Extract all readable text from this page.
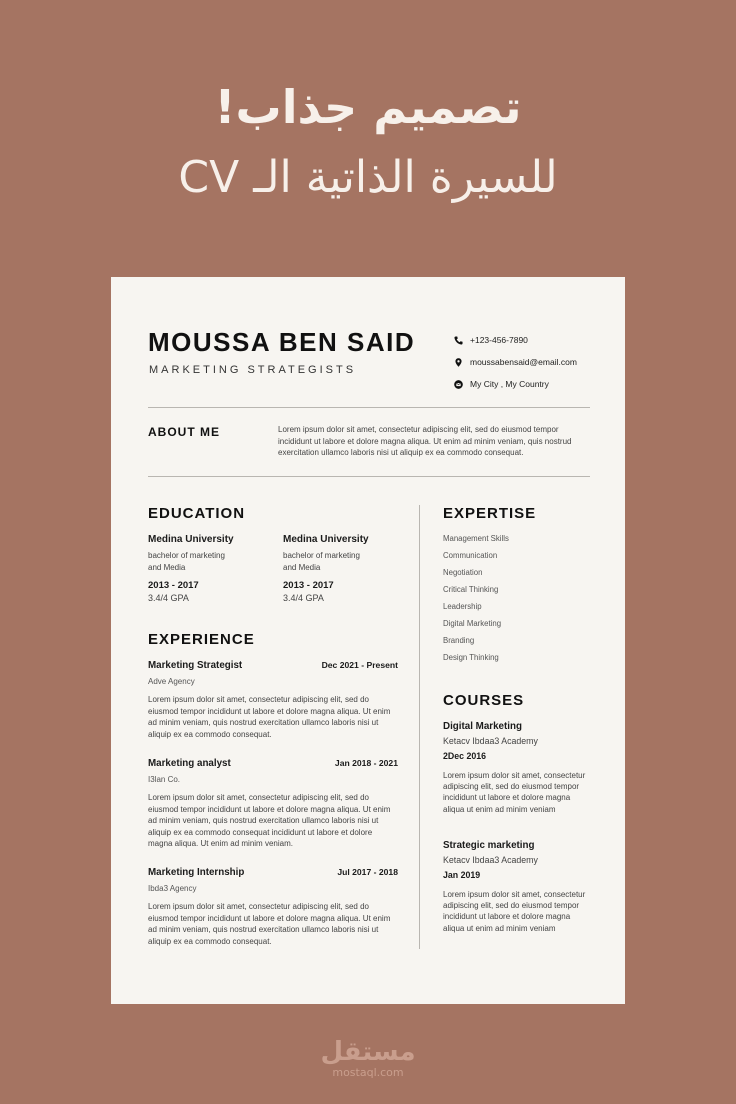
تصميم جذاب!
للسيرة الذاتية الـ CV
MOUSSA BEN SAID
MARKETING STRATEGISTS
+123-456-7890
moussabensaid@email.com
My City , My Country
ABOUT ME	Lorem ipsum dolor sit amet, consectetur adipiscing elit, sed do eiusmod tempor incididunt ut labore et dolore magna aliqua. Ut enim ad minim veniam, quis nostrud exercitation ullamco laboris nisi ut aliquip ex ea commodo consequat.
EDUCATION
Medina University
bachelor of marketing
and Media
2013 - 2017
3.4/4 GPA
Medina University
bachelor of marketing
and Media
2013 - 2017
3.4/4 GPA
EXPERIENCE
Marketing Strategist	Dec 2021 - Present
Adve Agency
Lorem ipsum dolor sit amet, consectetur adipiscing elit, sed do eiusmod tempor incididunt ut labore et dolore magna aliqua. Ut enim ad minim veniam, quis nostrud exercitation ullamco laboris nisi ut aliquip ex ea commodo consequat.
Marketing analyst	Jan 2018 - 2021
I3lan Co.
Lorem ipsum dolor sit amet, consectetur adipiscing elit, sed do eiusmod tempor incididunt ut labore et dolore magna aliqua. Ut enim ad minim veniam, quis nostrud exercitation ullamco laboris nisi ut aliquip ex ea commodo consequat incididunt ut labore et dolore magna aliqua. Ut enim ad minim veniam.
Marketing Internship	Jul 2017 - 2018
Ibda3 Agency
Lorem ipsum dolor sit amet, consectetur adipiscing elit, sed do eiusmod tempor incididunt ut labore et dolore magna aliqua. Ut enim ad minim veniam, quis nostrud exercitation ullamco laboris nisi ut aliquip ex ea commodo consequat.
EXPERTISE
Management Skills
Communication
Negotiation
Critical Thinking
Leadership
Digital Marketing
Branding
Design Thinking
COURSES
Digital Marketing
Ketacv Ibdaa3 Academy
2Dec 2016
Lorem ipsum dolor sit amet, consectetur adipiscing elit, sed do eiusmod tempor incididunt ut labore et dolore magna aliqua ut enim ad minim veniam
Strategic marketing
Ketacv Ibdaa3 Academy
Jan 2019
Lorem ipsum dolor sit amet, consectetur adipiscing elit, sed do eiusmod tempor incididunt ut labore et dolore magna aliqua ut enim ad minim veniam
مستقل
mostaql.com
